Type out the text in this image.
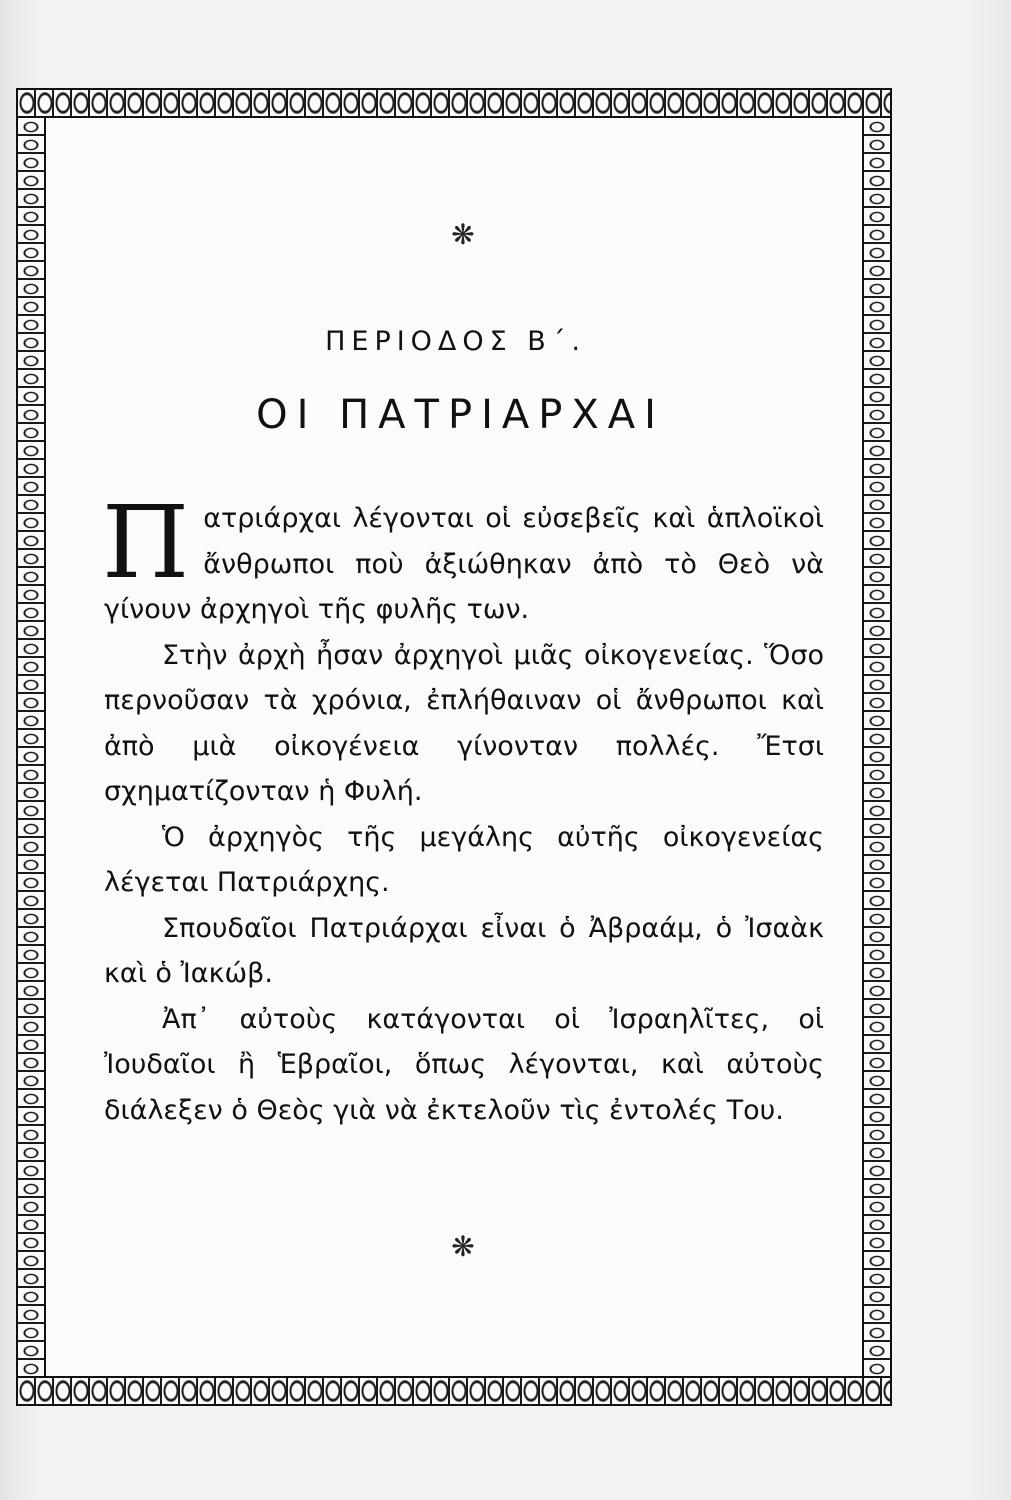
❋
ΠΕΡΙΟΔΟΣ Β΄.
ΟΙ ΠΑΤΡΙΑΡΧΑΙ

Πατριάρχαι λέγονται οἱ εὐσεβεῖς καὶ ἁπλοϊκοὶ ἄνθρωποι ποὺ ἀξιώθηκαν ἀπὸ τὸ Θεὸ νὰ γίνουν ἀρχηγοὶ τῆς φυλῆς των.

Στὴν ἀρχὴ ἦσαν ἀρχηγοὶ μιᾶς οἰκογενείας. Ὅσο περνοῦσαν τὰ χρόνια, ἐπλήθαιναν οἱ ἄνθρωποι καὶ ἀπὸ μιὰ οἰκογένεια γίνονταν πολλές. Ἔτσι σχηματίζονταν ἡ Φυλή.

Ὁ ἀρχηγὸς τῆς μεγάλης αὐτῆς οἰκογενείας λέγεται Πατριάρχης.

Σπουδαῖοι Πατριάρχαι εἶναι ὁ Ἀβραάμ, ὁ Ἰσαὰκ καὶ ὁ Ἰακώβ.

Ἀπ᾽ αὐτοὺς κατάγονται οἱ Ἰσραηλῖτες, οἱ Ἰουδαῖοι ἢ Ἑβραῖοι, ὅπως λέγονται, καὶ αὐτοὺς διάλεξεν ὁ Θεὸς γιὰ νὰ ἐκτελοῦν τὶς ἐντολές Του.

❋
